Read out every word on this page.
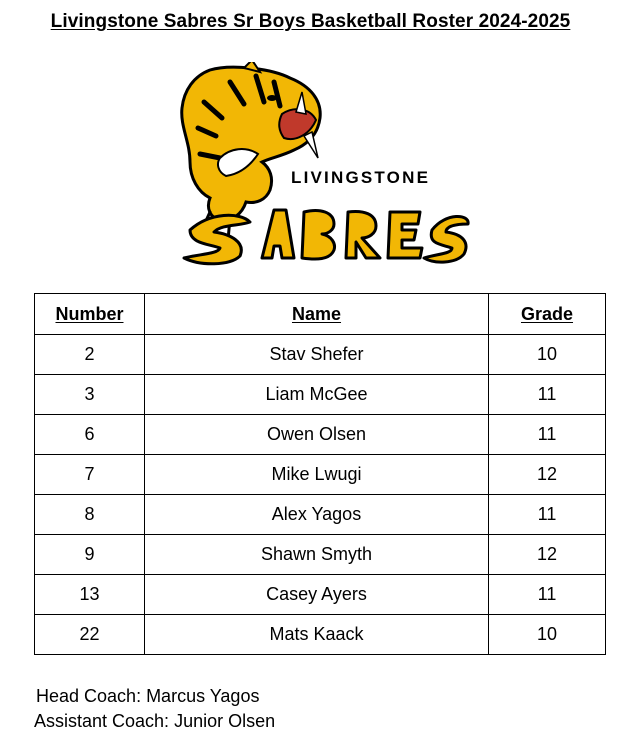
Livingstone Sabres Sr Boys Basketball Roster 2024-2025
LIVINGSTONE
Number	Name	Grade
2	Stav Shefer	10
3	Liam McGee	11
6	Owen Olsen	11
7	Mike Lwugi	12
8	Alex Yagos	11
9	Shawn Smyth	12
13	Casey Ayers	11
22	Mats Kaack	10
Head Coach: Marcus Yagos
Assistant Coach: Junior Olsen
